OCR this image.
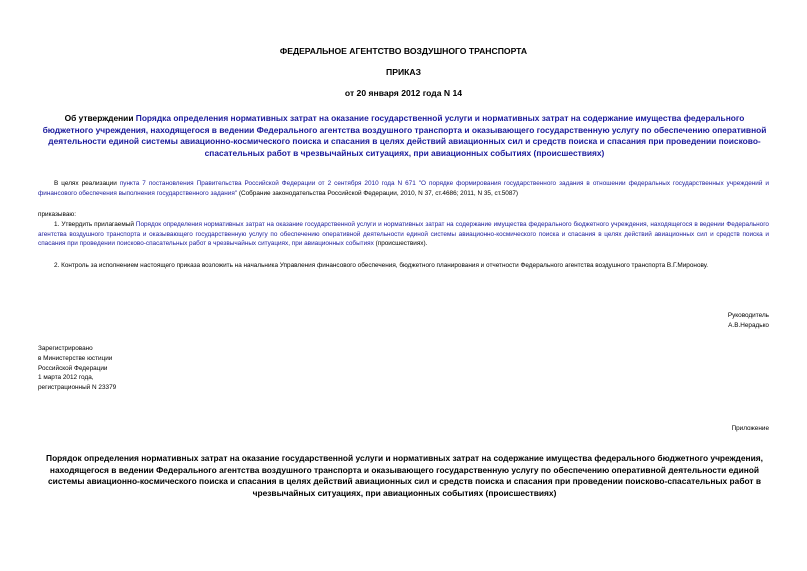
ФЕДЕРАЛЬНОЕ АГЕНТСТВО ВОЗДУШНОГО ТРАНСПОРТА
ПРИКАЗ
от 20 января 2012 года N 14
Об утверждении Порядка определения нормативных затрат на оказание государственной услуги и нормативных затрат на содержание имущества федерального бюджетного учреждения, находящегося в ведении Федерального агентства воздушного транспорта и оказывающего государственную услугу по обеспечению оперативной деятельности единой системы авиационно-космического поиска и спасания в целях действий авиационных сил и средств поиска и спасания при проведении поисково-спасательных работ в чрезвычайных ситуациях, при авиационных событиях (происшествиях)
В целях реализации пункта 7 постановления Правительства Российской Федерации от 2 сентября 2010 года N 671 "О порядке формирования государственного задания в отношении федеральных государственных учреждений и финансового обеспечения выполнения государственного задания" (Собрание законодательства Российской Федерации, 2010, N 37, ст.4686; 2011, N 35, ст.5087)
приказываю:
1. Утвердить прилагаемый Порядок определения нормативных затрат на оказание государственной услуги и нормативных затрат на содержание имущества федерального бюджетного учреждения, находящегося в ведении Федерального агентства воздушного транспорта и оказывающего государственную услугу по обеспечению оперативной деятельности единой системы авиационно-космического поиска и спасания в целях действий авиационных сил и средств поиска и спасания при проведении поисково-спасательных работ в чрезвычайных ситуациях, при авиационных событиях (происшествиях).
2. Контроль за исполнением настоящего приказа возложить на начальника Управления финансового обеспечения, бюджетного планирования и отчетности Федерального агентства воздушного транспорта В.Г.Миронову.
Руководитель
А.В.Нерадько
Зарегистрировано
в Министерстве юстиции
Российской Федерации
1 марта 2012 года,
регистрационный N 23379
Приложение
Порядок определения нормативных затрат на оказание государственной услуги и нормативных затрат на содержание имущества федерального бюджетного учреждения, находящегося в ведении Федерального агентства воздушного транспорта и оказывающего государственную услугу по обеспечению оперативной деятельности единой системы авиационно-космического поиска и спасания в целях действий авиационных сил и средств поиска и спасания при проведении поисково-спасательных работ в чрезвычайных ситуациях, при авиационных событиях (происшествиях)
